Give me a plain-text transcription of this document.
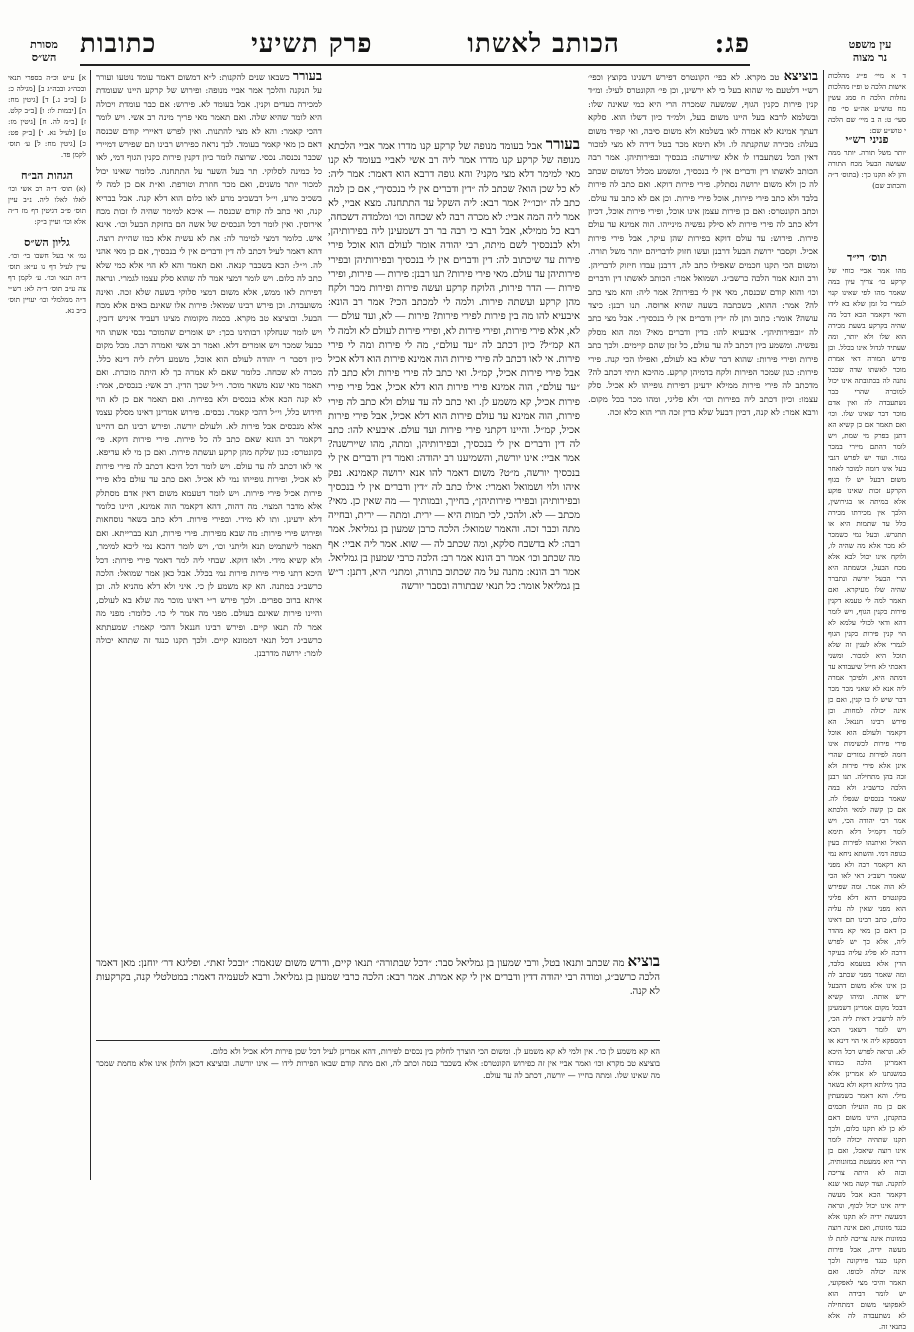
עין משפט
נר מצוה
מסורת
הש״ס	פג:
הכותב לאשתו
פרק תשיעי
כתובות

ד א מיי׳ פ״יג מהלכות אישות הלכה ט ופ״ז מהלכות נחלות הלכה ח סמג עשין מח טוש״ע אה״ע סי׳ פח סעי׳ ט: ה ב מיי׳ שם הלכה י טוש״ע שם:

פניני רש״י

יותר משל תורה. יותר ממה שעושה הבעל מכח התורה והן לא תקנו כך: (בתוס׳ ד״ה והכתוב שם)

תוס׳ רי״ד

מהו אמר אביי כוחי של קרקע כו׳ צריך עיון במה שאמר מהו לפי שאינו קנוי לגמרי כל זמן שלא בא לידו והאי דקאמר הכא דכל מה שהיה בקרקע בשעת מכירה הוא שלו ולא יותר, ומה שעתיד לגדול אינו בכלל. וכן פירש המורה דאי אמרת מוכר לאשתו שדה שכבר נתנה לה בכתובתה אינו יכול למוכרה שהרי כבר נשתעבדה לה ואין אדם מוכר דבר שאינו שלו. וכו׳ ואם תאמר אם כן קשיא הא דתנן בפרק מי שמת, ויש לומר דהתם מיירי במכר גמור. ועוד יש לפרש דגבי בעל אינו דומה למוכר לאחר משום דבעל יש לו בגוף הקרקע זכות שאינו פוקע אלא במיתה או בגירושין, הלכך אין מכירתו מכירה כלל עד שתמות היא או תתגרש. ובעל נמי כשמכר לא מכר אלא מה שהיה לו, ולוקח אינו יכול לבא אלא מכח הבעל, וכשמתה היא הרי הבעל יורשה ונתברר שהיה שלו מעיקרא. ואם תאמר למה לי טעמא דקנין פירות כקנין הגוף, ויש לומר דהא ודאי לכולי עלמא לא הוי קנין פירות כקנין הגוף לגמרי אלא לענין זה שלא תוכל היא למכור. ומשני דאכתי לא חייל שיעבודא עד דמתה היא, ולפיכך אמרה ליה אנא לא שאני מכר מכר דבר שיש לו בו קנין, ואם כן אינה יכולה למחות. וכן פירש רבינו חננאל. הא דקאמר ולעולם הוא אוכל פירי פירות לכשימות אינו דומה לפירות גמורים שהרי אינן אלא פירי פירות ולא זכה בהן מתחילה. תנו רבנן הלכה כרשב״ג ולא במה שאמר בנכסים שנפלו לה. אם כן קשה למאי הלכתא אמר רבי יהודה הכי, ויש לומר דקמ״ל דלא תימא הואיל ואיתנהו לפירות בעין כגופה דמי. והשתא ניחא נמי הא דקאמר רבה ולא מפני שאמר רשב״ג דאי לאו הכי לא הוה אמר. ומה שפירש בקונטרס דהא דלא פליגי הוא מפני שאין לה עליה כלום, כתב רבינו תם דאינו כן דאם כן מאי קא מהדר ליה, אלא כך יש לפרש דרבה לא פליג עליה בעיקר הדין אלא בטעמא בלבד, ומה שאמר מפני שכתב לה כן אינו אלא משום דהבעל ירש אותה. ומיהו קשיא דבכל מקום אמרינן דשמעינן ליה לרשב״ג דאית ליה הכי, ויש לומר דשאני הכא דמספקא ליה אי הוי דינא או לא. ונראה לפרש דכל היכא דאמרינן הלכה כמותו במשנתנו לא אמרינן אלא בהך מילתא דוקא ולא בשאר מילי. והא דאמר בשמעתין אם כן מה הועילו חכמים בתקנתן, היינו משום דאם לא כן לא תקנו כלום, ולכך תקנו שתהיה יכולה לומר אינו רוצה שיאכל, ואם כן הרי היא ממעטת במזונותיה, ובזה לא היתה צריכה לתקנה. ועוד קשה מאי שנא דקאמר הכא אבל מעשה ידיה אינו יכול לכוף, ונראה דמעשה ידיה לא תקנו אלא כנגד מזונות, ואם אינה רוצה במזונות אינה צריכה לתת לו מעשה ידיה, אבל פירות תקנו כנגד פירקונה ולכך אינה יכולה לכופו. ואם תאמר והיכי מצי לאפקועי, יש לומר דבידה הוא לאפקועי משום דמתחילה לא נשתעבדה לה אלא בתנאי זה.

א] ע״ש וכ״ה בספרי תנאי ובכה״ג ובבה״ג ב] [מגילה כ: ג] [ב״ב נ.] ד] [גיטין מח: ה] [יבמות לו: ו] [ב״ב קלט. ז] [ב״מ לה. ח] [גיטין מז: ט] [לעיל נא. י] [ב״ק פט: כ] [גיטין מח: ל] ע׳ תוס׳ לקמן פד.

הגהות הב״ח

(א) תוס׳ ד״ה רב אשי וכו׳ לאלו לאלו ליה. נ״ב עיין תוס׳ פ״ב דגיטין דף מז ד״ה אלא וכו׳ ועיין ב״ק:

גליון הש״ס

גמ׳ אי בעל חשבו בי׳ וכו׳. עיין לעיל דף נו ע״א: תוס׳ ד״ה תנאי וכו׳. ע׳ לקמן דף צה ע״ב תוס׳ ד״ה לא: רש״י ד״ה ממלמלי וכו׳ יעויין תוס׳ ב״ב נא.

בוציצא טב מקרא. לא כפי׳ הקונטרס דפירש דשנינו בקוצץ וכפי׳ רש״י דלטעם מי שהוא בעל כי לא ירשינן, וכן פי׳ הקונטרס לעיל: ומ״ד קנין פירות כקנין הגוף, שמשעה שמכרה הרי היא כמי שאינה שלו: ובשלמא לרבא בעל היינו משום בעל, ולמ״ד כיון דשלו הוא. סלקא דעתך אמינא לא אמרה לאו בשלמא ולא משום סיבה, ואי קפיד משום בעלה: מכירה שהקנתה לו. ולא תימא מכר בטל דידה לא מצי למכור דאין הכל נשתעבדו לו אלא שיורשה: בנכסיך ובפירותיהן. אמר רבה הכותב לאשתו דין ודברים אין לי בנכסיך, ומשמע מכלל דמשום שכתב לה כן ולא משום ירושה נסתלק. פירי פירות דוקא. ואם כתב לה פירות בלבד ולא כתב פירי פירות, אוכל פירי פירות. וכן אם לא כתב עד עולם. וכתב הקונטרס: ואם כן פירות עצמן אינו אוכל, ופירי פירות אוכל, דכיון דלא כתב לה פירי פירות לא סילק נפשיה מינייהו. הוה אמינא עד עולם פירות. פירוש: עד עולם דוקא בפירות שהן עיקר, אבל פירי פירות אכיל. וקסבר ירושת הבעל דרבנן ועשו חזוק לדבריהם יותר משל תורה. ומשום הכי תקנו חכמים שאפילו כתב לה, דרבנן עבדו חיזוק לדבריהן. ורב הונא אמר הלכה כרשב״ג. ושמואל אמר: הכותב לאשתו דין ודברים וכו׳ והוא קודם שכנסה, מאי אין לי בפירות? אמר ליה: והא מצי כתב לה? אמר: ההוא, כשכתבה בשעה שהיא ארוסה. תנו רבנן: כיצד עושה? אומר: כתוב ותן לה ״דין ודברים אין לי בנכסיך״. אבל מצי כתב לה ״ובפירותיהן״. איבעיא להו: בדין ודברים מאי? ומה הוא מסלק נפשיה. ומשמע כיון דכתב לה עד עולם, כל זמן שהם קיימים. ולכך כתב פירות ופירי פירות: שהוא דבר שלא בא לעולם, ואפילו הכי קנה. פירי פירות: כגון שמכר הפירות ולקח בדמיהן קרקע. מהיכא תיתי דכתב לה? מדכתב לה פירי פירות ממילא ידעינן דפירות גופייהו לא אכיל. סלק עצמו: וכיון דכתב ליה בפירות וכו׳ ולא פליגי, ומהו מכר בכל מקום. ורבא אמר: לא קנה, דכיון דבעל שלא כדין זכה הרי הוא כלא זכה.

בעורר אבל בעומד מנופה של קרקע קנו מדרו אמר אביי הלכתא מנופה של קרקע קנו מדרו אמר ליה רב אשי לאביי בעומד לא קנו מאי למימר דלא מצי מקני? והא גופה דרבא הוא דאמר: אמר ליה: לא כל שכן הוא? שכתב לה ״דין ודברים אין לי בנכסיך״, אם כן למה כתב לה ״וכו׳״? אמר רבא: ליה השקל עד התתחנה. מצא אביי, לא אמר ליה המה אביי: לא מכרה רבה לא שכחה וכו׳ ומלמדה דשכחה, רבא כל ממילא, אבל רבא כי רבה בר רב דשמעינן ליה בפירותיהן, ולא לבנכסיך לשם מיתה, רבי יהודה אומר לעולם הוא אוכל פירי פירות עד שיכתוב לה: דין ודברים אין לי בנכסיך ובפירותיהן ובפירי פירותיהן עד עולם. מאי פירי פירות? תנו רבנן: פירות — פירות, ופירי פירות — הדר פירות, הלוקח קרקע ועשה פירות ופירות מכר ולקח מהן קרקע ועשתה פירות. ולמה לי למכתב הכי? אמר רב הונא: איבעיא להו מה בין פירות לפירי פירות? פירות — לא, ועד עולם — לא, אלא פירי פירות, ופירי פירות לא, ופירי פירות לעולם לא ולמה לי הא קמ״ל? כיון דכתב לה ״עד עולם״, מה לי פירות ומה לי פירי פירות. אי לאו דכתב לה פירי פירות הוה אמינא פירות הוא דלא אכיל אבל פירי פירות אכיל, קמ״ל. ואי כתב לה פירי פירות ולא כתב לה ״עד עולם״, הוה אמינא פירי פירות הוא דלא אכיל, אבל פירי פירי פירות אכיל, קא משמע לן. ואי כתב לה עד עולם ולא כתב לה פירי פירות, הוה אמינא עד עולם פירות הוא דלא אכיל, אבל פירי פירות אכיל, קמ״ל. והיינו דקתני פירי פירות ועד עולם. איבעיא להו: כתב לה דין ודברים אין לי בנכסיך, ובפירותיהן, ומתה, מהו שיירשנה? אמר אביי: אינו יורשה, והשמיענו רב יהודה: ואמר דין ודברים אין לי בנכסיך יורשה, מ״ט? משום דאמר להו אנא ירושה קאמינא. נפק איהו ולוי ושמואל ואמרי: אילו כתב לה ״דין ודברים אין לי בנכסיך ובפירותיהן ובפירי פירותיהן״, בחייך, ובמותיך — מה שאין כן. מאי? מכתב — לא. ולהכי, לכי תמות היא — ירית. ומתה — ירית, ובחייה מתה וכבר זכה. והאמר שמואל: הלכה כרבן שמעון בן גמליאל. אמר רבה: לא בדשבח סלקא, ומה שכתב לה — שוא. אמר ליה אביי: אף מה שכתב וכו׳ אמר רב הונא אמר רב: הלכה כרבי שמעון בן גמליאל. אמר רב הונא: מתנה על מה שכתוב בתורה, ומתני׳ היא, דתנן: ר״ש בן גמליאל אומר: כל תנאי שבתורה ובסבר יורשה

בעורר כשבאו שנים להקנות: ל״א דמשום דאמר עומד נוטעו ועורר על הנקנה והלכך אמר אביי מנופה: ופירוש של קרקע היינו שעומדת למכירה בעדים וקנין. אבל בעומד לא. פירוש: אם כבר עומדת ויכולה היא לומר שהיא שלה. ואם תאמר מאי פריך מינה רב אשי. ויש לומר דהכי קאמר: והא לא מצי להתנות. ואין לפרש דאיירי קודם שכנסה דאם כן מאי קאמר בעומד. לכך נראה כפירוש רבינו תם שפירש דמיירי שכבר נכנסה. נכסי. שרוצה לומר כיון דקנין פירות כקנין הגוף דמי, לאו כל כמינה לסלוקי. תר בעל השער על התתחנה. כלומר שאינו יכול למכור יותר משנים, ואם מכר חוזרת וטורפת. וא״ת אם כן למה לי בשכיב מרע, וי״ל דבשכיב מרע לאו כלום הוא דלא קנה. אבל בבריא קנה, ואי כתב לה קודם שכנסה — איכא למימר שהיה לו זכות מכח אירוסין. ואין לומר דכל הנכסים של אשה הם בחזקת הבעל וכו׳. אינא איש. כלומר דמצי למימר לה: את לא עשית אלא כמו שהיית רוצה. דהא דאמר לעיל דכתב לה דין ודברים אין לי בנכסיך, אם כן מאי אהני לה. וי״ל: הכא בשכבר קנאה. ואם תאמר והא לא הוי אלא כמי שלא כתב לה כלום. ויש לומר דמצי אמר לה שהוא סלק עצמו לגמרי. ונראה דפירות לאו ממש, אלא משום דמצי סלוקי בשעה שלא זכה. ואינה משועבדת. וכן פירש רבינו שמואל: פירות אלו שאינם באים אלא מכח הבעל. ובוציצא טב מקרא. בכמה מקומות מצינו דעביד איניש דזבין. ויש לומר שנחלקו רבותינו בכך: יש אומרים שהמוכר נכסי אשתו הוי כבעל שמכר ויש אומרים דלא. ואמר רב אשי ואמרה רבה. מכל מקום כיון דסבר ר׳ יהודה לעולם הוא אוכל, משמע דלית ליה דינא כלל. מכרה לא שכחה. כלומר שאם לא אמרה כך לא היתה מוכרת. ואם תאמר מאי שנא משאר מוכר. וי״ל שכך הדין. רב אשי: בנכסים, אמר: לא קנה הכא אלא בנכסים ולא בפירות. ואם תאמר אם כן לא הוי חידוש כלל, וי״ל דהכי קאמר. נכסים. פירוש אמרינן דאינו מסלק עצמו אלא מנכסים אבל פירות לא. ולעולם יורשה. ופירש רבינו תם דהיינו דקאמר רב הונא שאם כתב לה כל פירות. פירי פירות דוקא. פי׳ בקונטרס: כגון שלקח מהן קרקע ועשתה פירות. ואם כן מי לא עדיפא. אי לאו דכתב לה עד עולם. ויש לומר דכל היכא דכתב לה פירי פירות לא אכיל, ופירות גופייהו נמי לא אכיל. ואם כתב עד עולם בלא פירי פירות אכיל פירי פירות. ויש לומר דטעמא משום דאין אדם מסתלק אלא מדבר המצוי. מה דהוה, דהא דקאמר הוה אמינא, היינו כלומר דלא ידעינן. ותו לא מידי. ובפירי פירות. דלא כתב בשאר נוסחאות ופירוש פירי פירות: מה שבא מפירות. פירי פירות, תנא בברייתא. ואם תאמר לישתמיט תנא וליתני וכו׳, ויש לומר דהכא נמי ליכא למימר, ולא קשיא מידי. ולאו דוקא. שבחי ליה למר דאמר פירי פירות: דכל היכא דתני פירי פירות פירות נמי בכלל. אבל כאן אמר שמואל: הלכה כרשב״ג במתנה. הא קא משמע לן כי. איני ולא דלא מהניא לה. וכן איתא ברוב ספרים. ולכך פירש ר״י דאינו מוכר מה שלא בא לעולם, והיינו פירות שאינם בעולם. מפני מה אמר לי כו׳. כלומר: מפני מה אמר לה תנאו קיים. ופירש רבינו חננאל דהכי קאמר: שמעתתא כרשב״ג דכל תנאי דממונא קיים. ולכך תקנו כנגד זה שתהא יכולה לומר: ירושה מדרבנן.

בוציא מה שכתב ותנאו בטל, ורבי שמעון בן גמליאל סבר: ״דכל שבתורה״ תנאו קיים, ודרש משום שנאמר: ״ובכל זאת״. ופליגא דר׳ יוחנן: מאן דאמר הלכה כרשב״ג, ומודה רבי יהודה דדין ודברים אין לי קא אמרת. אמר רבא: הלכה כרבי שמעון בן גמליאל. ורבא לטעמיה דאמר: במטלטלי קנה, בקרקעות לא קנה.

הא קא משמע לן כו׳. אין ולמי לא קא משמע לן. ומשום הכי הוצרך לחלוק בין נכסים לפירות, דהא אמרינן לעיל דכל שכן פירות דלא אכיל ולא כלום.

בוציצא טב מקרא וכו׳ ואמר אביי אין זה כפירוש הקונטרס: אלא בשכבר כנסה וכתב לה, ואם מתה קודם שבאו הפירות לידו — אינו יורשה. ובוציצא דכאן ולהלן אינו אלא מחמת שמכר מה שאינו שלו. ומתה בחייו — יורשה, דכתב לה עד עולם.
